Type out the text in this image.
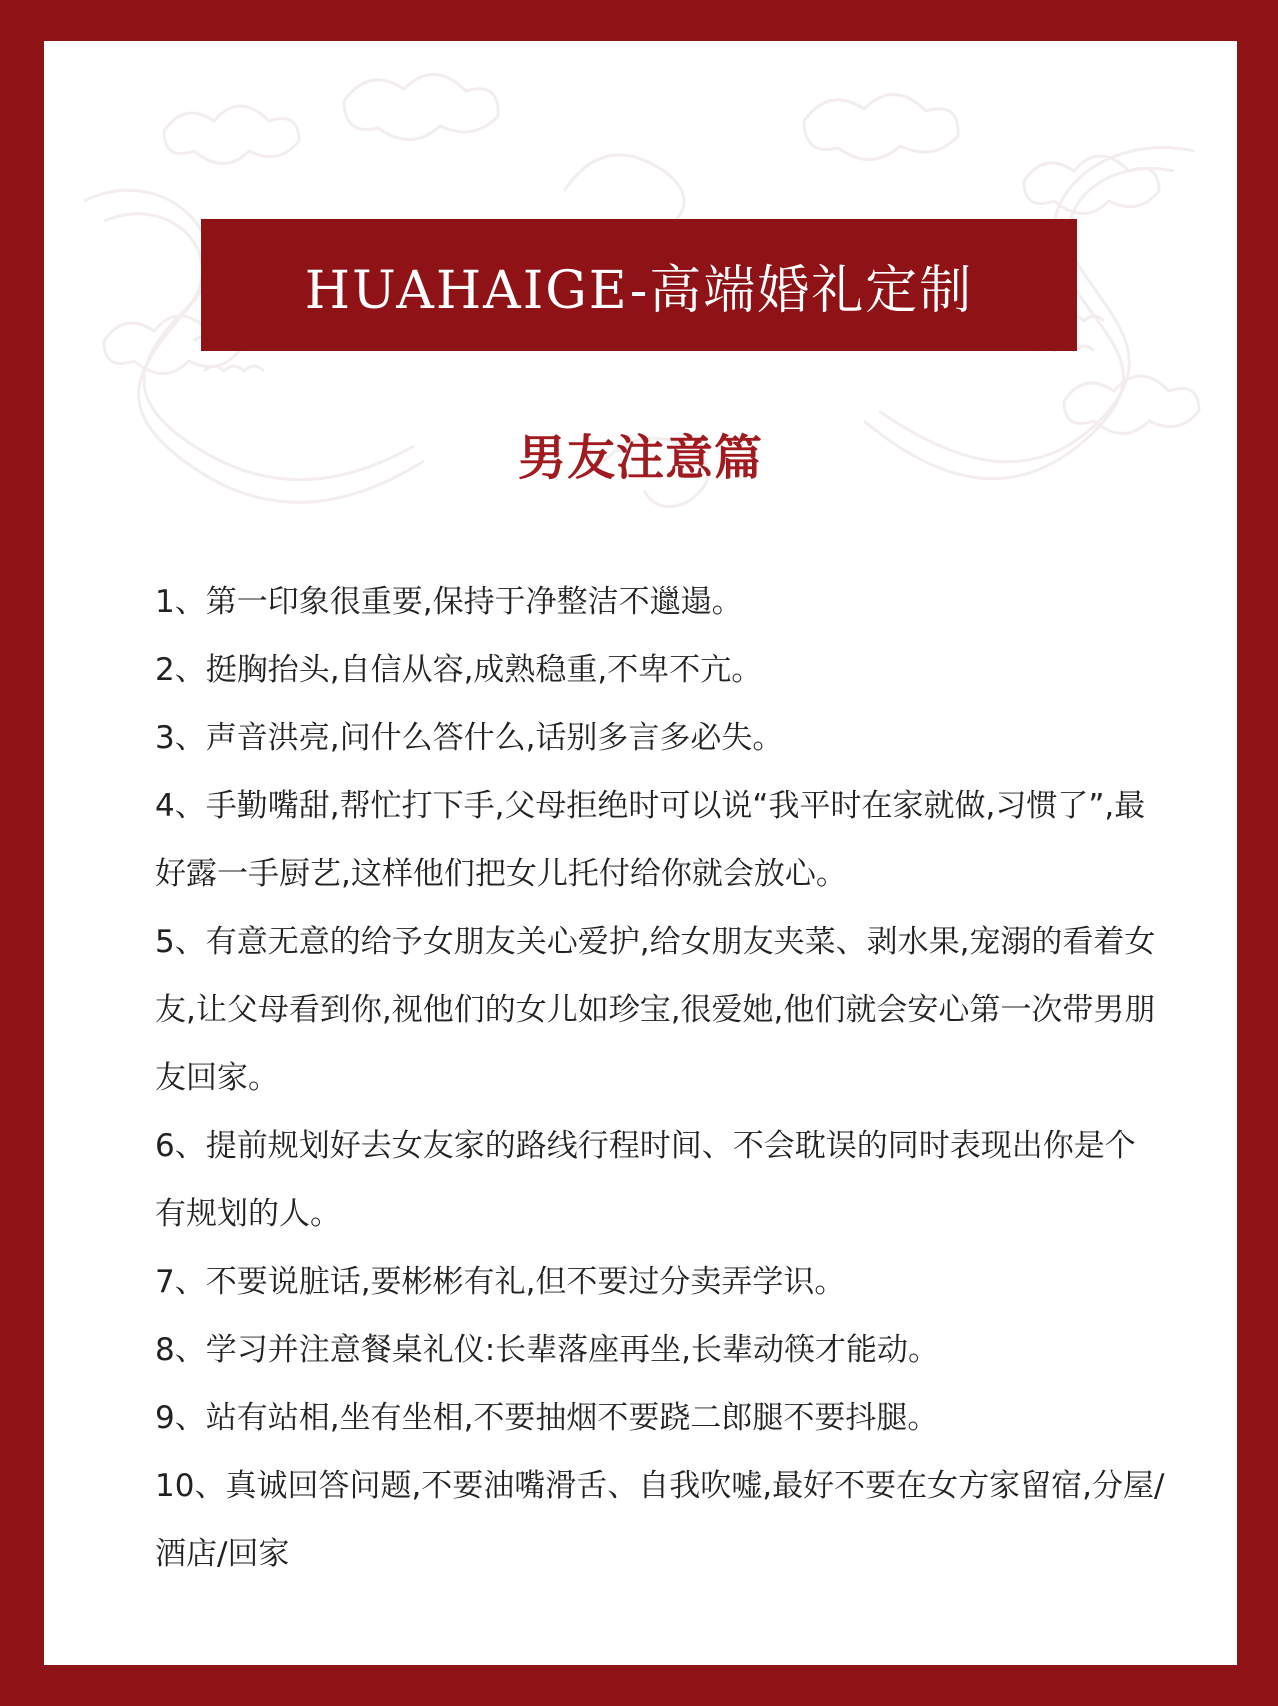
HUAHAIGE-高端婚礼定制
男友注意篇

1、第一印象很重要,保持于净整洁不邋遢。

2、挺胸抬头,自信从容,成熟稳重,不卑不亢。

3、声音洪亮,问什么答什么,话别多言多必失。

4、手勤嘴甜,帮忙打下手,父母拒绝时可以说“我平时在家就做,习惯了”,最好露一手厨艺,这样他们把女儿托付给你就会放心。

5、有意无意的给予女朋友关心爱护,给女朋友夹菜、剥水果,宠溺的看着女友,让父母看到你,视他们的女儿如珍宝,很爱她,他们就会安心第一次带男朋友回家。

6、提前规划好去女友家的路线行程时间、不会耽误的同时表现出你是个有规划的人。

7、不要说脏话,要彬彬有礼,但不要过分卖弄学识。

8、学习并注意餐桌礼仪:长辈落座再坐,长辈动筷才能动。

9、站有站相,坐有坐相,不要抽烟不要跷二郎腿不要抖腿。

10、真诚回答问题,不要油嘴滑舌、自我吹嘘,最好不要在女方家留宿,分屋/酒店/回家
